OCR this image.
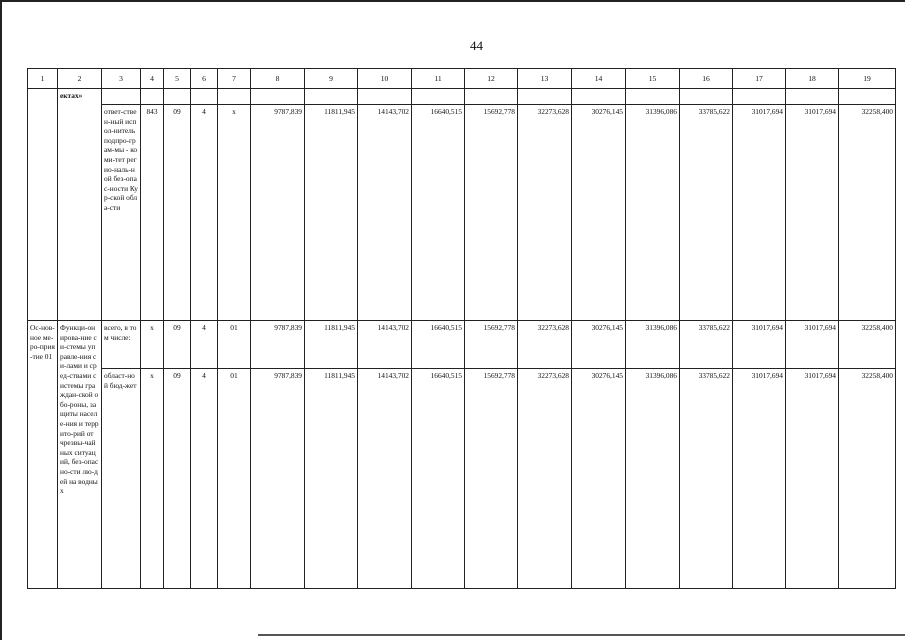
44
1	2	3	4	5	6	7	8	9	10	11	12	13	14	15	16	17	18	19
	ектах»																	
		ответ-ствен-ный испол-нитель подпро-грам-мы - коми-тет регио-наль-ной без-опас-ности Кур-ской обла-сти	843	09	4	х	9787,839	11811,945	14143,702	16640,515	15692,778	32273,628	30276,145	31396,086	33785,622	31017,694	31017,694	32258,400
Ос-нов-ное ме-ро-прия-тие 01	Функци-онирова-ние си-стемы управле-ния си-лами и сред-ствами системы граждан-ской обо-роны, защиты населе-ния и террито-рий от чрезвы-чайных ситуаций, без-опасно-сти лю-дей на водных	всего, в том числе:	х	09	4	01	9787,839	11811,945	14143,702	16640,515	15692,778	32273,628	30276,145	31396,086	33785,622	31017,694	31017,694	32258,400
		област-ной бюд-жет	х	09	4	01	9787,839	11811,945	14143,702	16640,515	15692,778	32273,628	30276,145	31396,086	33785,622	31017,694	31017,694	32258,400
